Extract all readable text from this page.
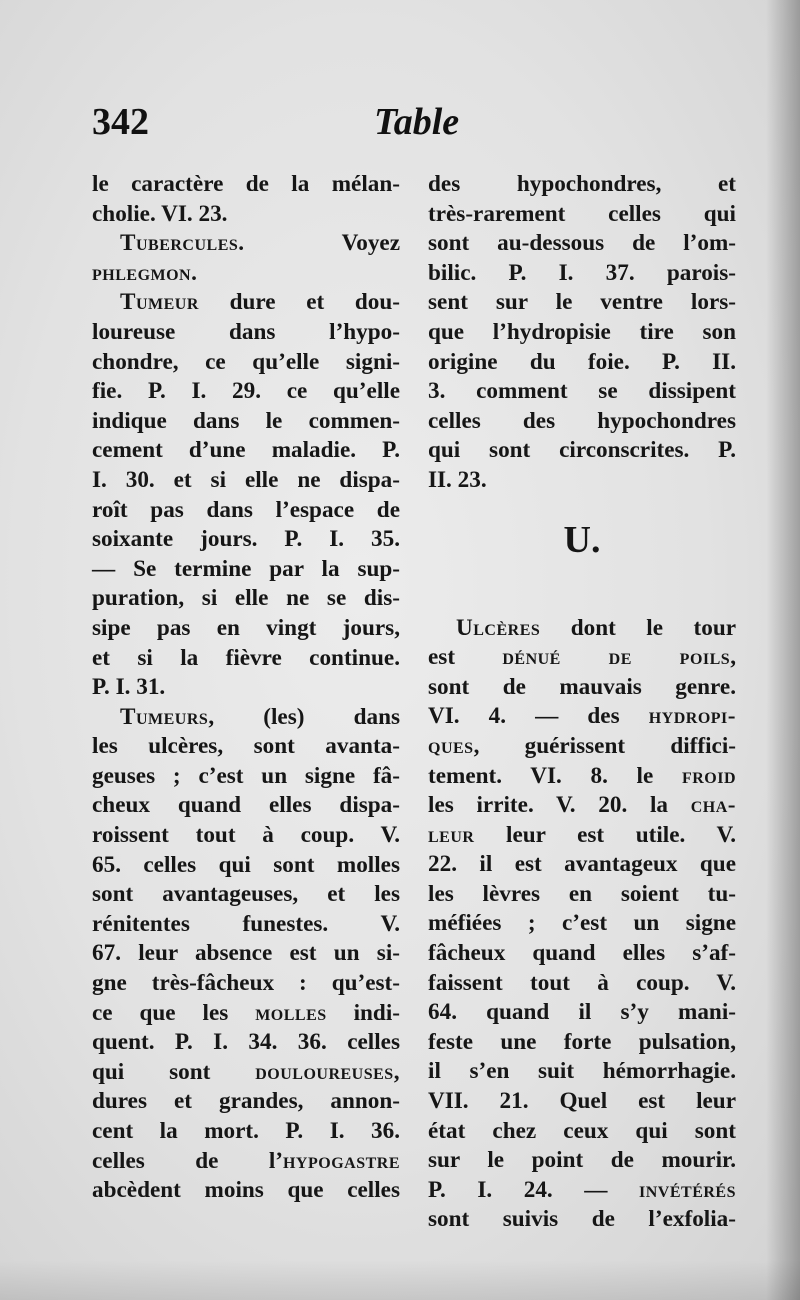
342	Table
le caractère de la mélan-
cholie. VI. 23.
Tubercules. Voyez
phlegmon.
Tumeur dure et dou-
loureuse dans l’hypo-
chondre, ce qu’elle signi-
fie. P. I. 29. ce qu’elle
indique dans le commen-
cement d’une maladie. P.
I. 30. et si elle ne dispa-
roît pas dans l’espace de
soixante jours. P. I. 35.
— Se termine par la sup-
puration, si elle ne se dis-
sipe pas en vingt jours,
et si la fièvre continue.
P. I. 31.
Tumeurs, (les) dans
les ulcères, sont avanta-
geuses ; c’est un signe fâ-
cheux quand elles dispa-
roissent tout à coup. V.
65. celles qui sont molles
sont avantageuses, et les
rénitentes funestes. V.
67. leur absence est un si-
gne très-fâcheux : qu’est-
ce que les molles indi-
quent. P. I. 34. 36. celles
qui sont douloureuses,
dures et grandes, annon-
cent la mort. P. I. 36.
celles de l’hypogastre
abcèdent moins que celles
des hypochondres, et
très-rarement celles qui
sont au-dessous de l’om-
bilic. P. I. 37. parois-
sent sur le ventre lors-
que l’hydropisie tire son
origine du foie. P. II.
3. comment se dissipent
celles des hypochondres
qui sont circonscrites. P.
II. 23.
U.
Ulcères dont le tour
est dénué de poils,
sont de mauvais genre.
VI. 4. — des hydropi-
ques, guérissent diffici-
tement. VI. 8. le froid
les irrite. V. 20. la cha-
leur leur est utile. V.
22. il est avantageux que
les lèvres en soient tu-
méfiées ; c’est un signe
fâcheux quand elles s’af-
faissent tout à coup. V.
64. quand il s’y mani-
feste une forte pulsation,
il s’en suit hémorrhagie.
VII. 21. Quel est leur
état chez ceux qui sont
sur le point de mourir.
P. I. 24. — invétérés
sont suivis de l’exfolia-
